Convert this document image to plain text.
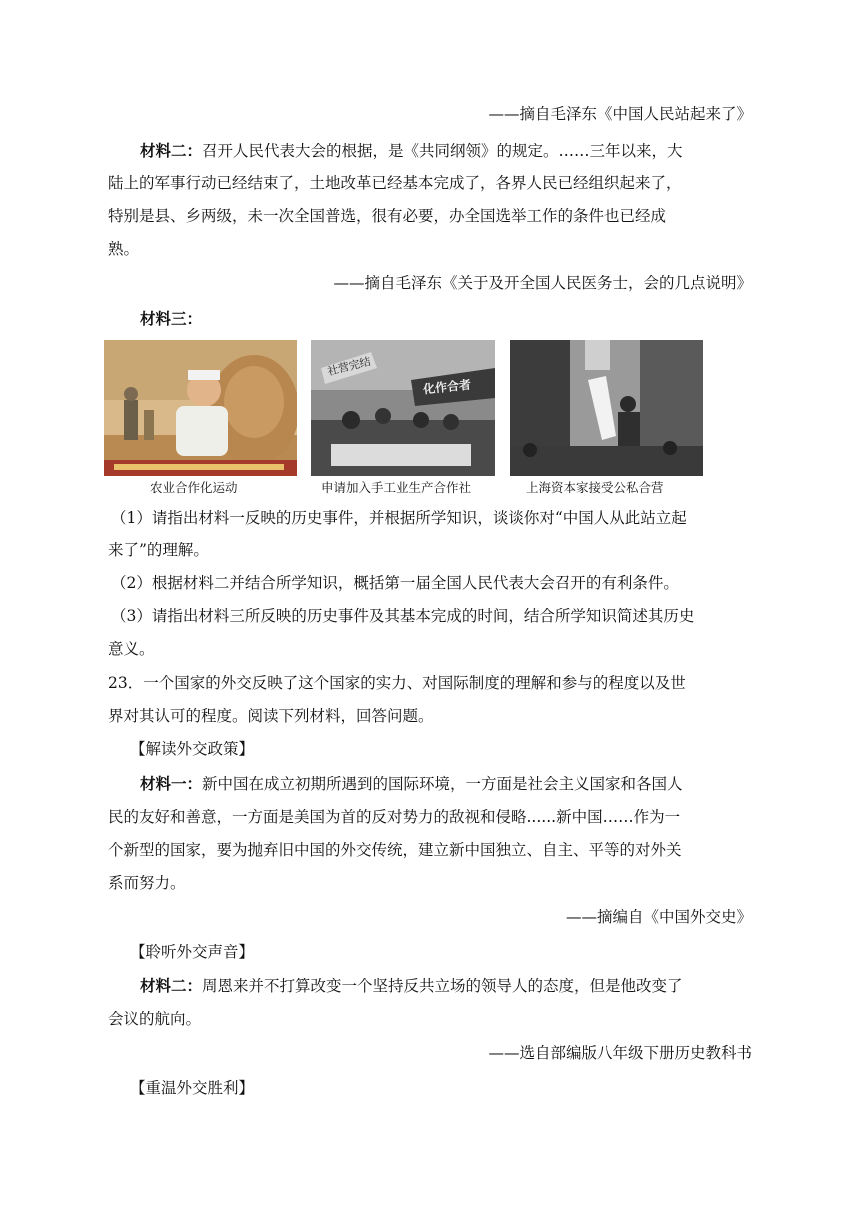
——摘自毛泽东《中国人民站起来了》
材料二：召开人民代表大会的根据，是《共同纲领》的规定。……三年以来，大
陆上的军事行动已经结束了，土地改革已经基本完成了，各界人民已经组织起来了，
特别是县、乡两级，未一次全国普选，很有必要，办全国选举工作的条件也已经成
熟。
——摘自毛泽东《关于及开全国人民医务士，会的几点说明》
材料三：
农业合作化运动
社营完结
化作合者
申请加入手工业生产合作社	上海资本家接受公私合营
（1）请指出材料一反映的历史事件，并根据所学知识，谈谈你对“中国人从此站立起
来了”的理解。
（2）根据材料二并结合所学知识，概括第一届全国人民代表大会召开的有利条件。
（3）请指出材料三所反映的历史事件及其基本完成的时间，结合所学知识简述其历史
意义。
23．一个国家的外交反映了这个国家的实力、对国际制度的理解和参与的程度以及世
界对其认可的程度。阅读下列材料，回答问题。
【解读外交政策】
材料一：新中国在成立初期所遇到的国际环境，一方面是社会主义国家和各国人
民的友好和善意，一方面是美国为首的反对势力的敌视和侵略......新中国……作为一
个新型的国家，要为抛弃旧中国的外交传统，建立新中国独立、自主、平等的对外关
系而努力。
——摘编自《中国外交史》
【聆听外交声音】
材料二：周恩来并不打算改变一个坚持反共立场的领导人的态度，但是他改变了
会议的航向。
——选自部编版八年级下册历史教科书
【重温外交胜利】
